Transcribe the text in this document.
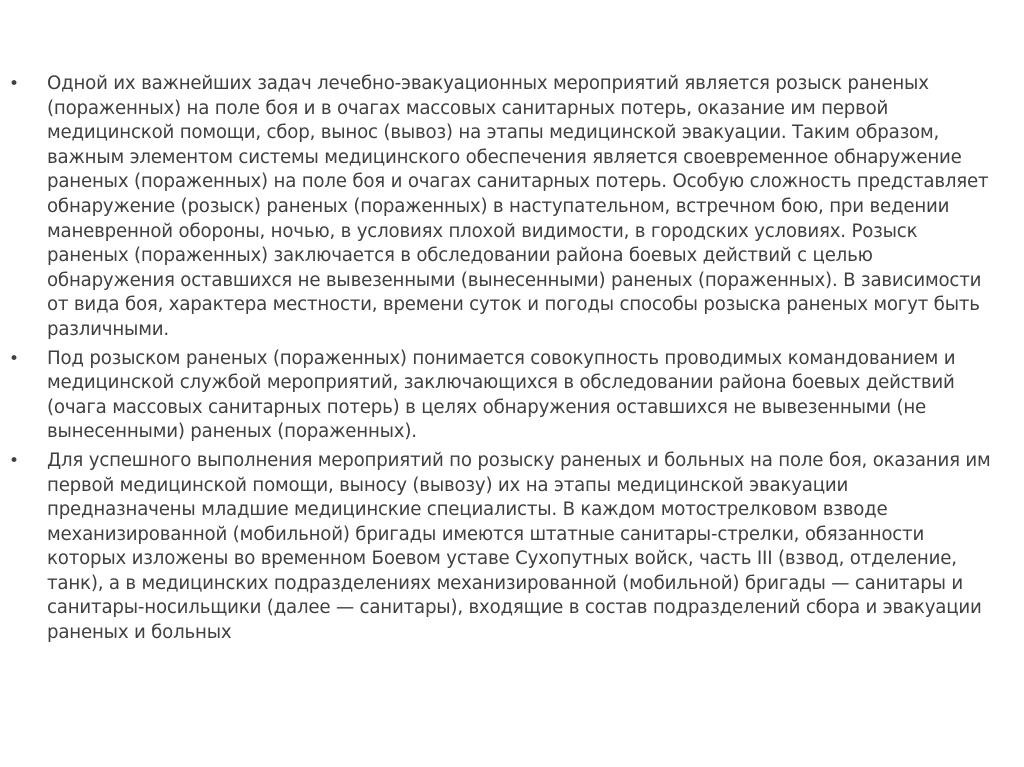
• Одной их важнейших задач лечебно-эвакуационных мероприятий является розыск раненых (пораженных) на поле боя и в очагах массовых санитарных потерь, оказание им первой медицинской помощи, сбор, вынос (вывоз) на этапы медицинской эвакуации. Таким образом, важным элементом системы медицинского обеспечения является своевременное обнаружение раненых (пораженных) на поле боя и очагах санитарных потерь. Особую сложность представляет обнаружение (розыск) раненых (пораженных) в наступательном, встречном бою, при ведении маневренной обороны, ночью, в условиях плохой видимости, в городских условиях. Розыск раненых (пораженных) заключается в обследовании района боевых действий с целью обнаружения оставшихся не вывезенными (вынесенными) раненых (пораженных). В зависимости от вида боя, характера местности, времени суток и погоды способы розыска раненых могут быть различными.
• Под розыском раненых (пораженных) понимается совокупность проводимых командованием и медицинской службой мероприятий, заключающихся в обследовании района боевых действий (очага массовых санитарных потерь) в целях обнаружения оставшихся не вывезенными (не вынесенными) раненых (пораженных).
• Для успешного выполнения мероприятий по розыску раненых и больных на поле боя, оказания им первой медицинской помощи, выносу (вывозу) их на этапы медицинской эвакуации предназначены младшие медицинские специалисты. В каждом мотострелковом взводе механизированной (мобильной) бригады имеются штатные санитары-стрелки, обязанности которых изложены во временном Боевом уставе Сухопутных войск, часть III (взвод, отделение, танк), а в медицинских подразделениях механизированной (мобильной) бригады — санитары и санитары-носильщики (далее — санитары), входящие в состав подразделений сбора и эвакуации раненых и больных
